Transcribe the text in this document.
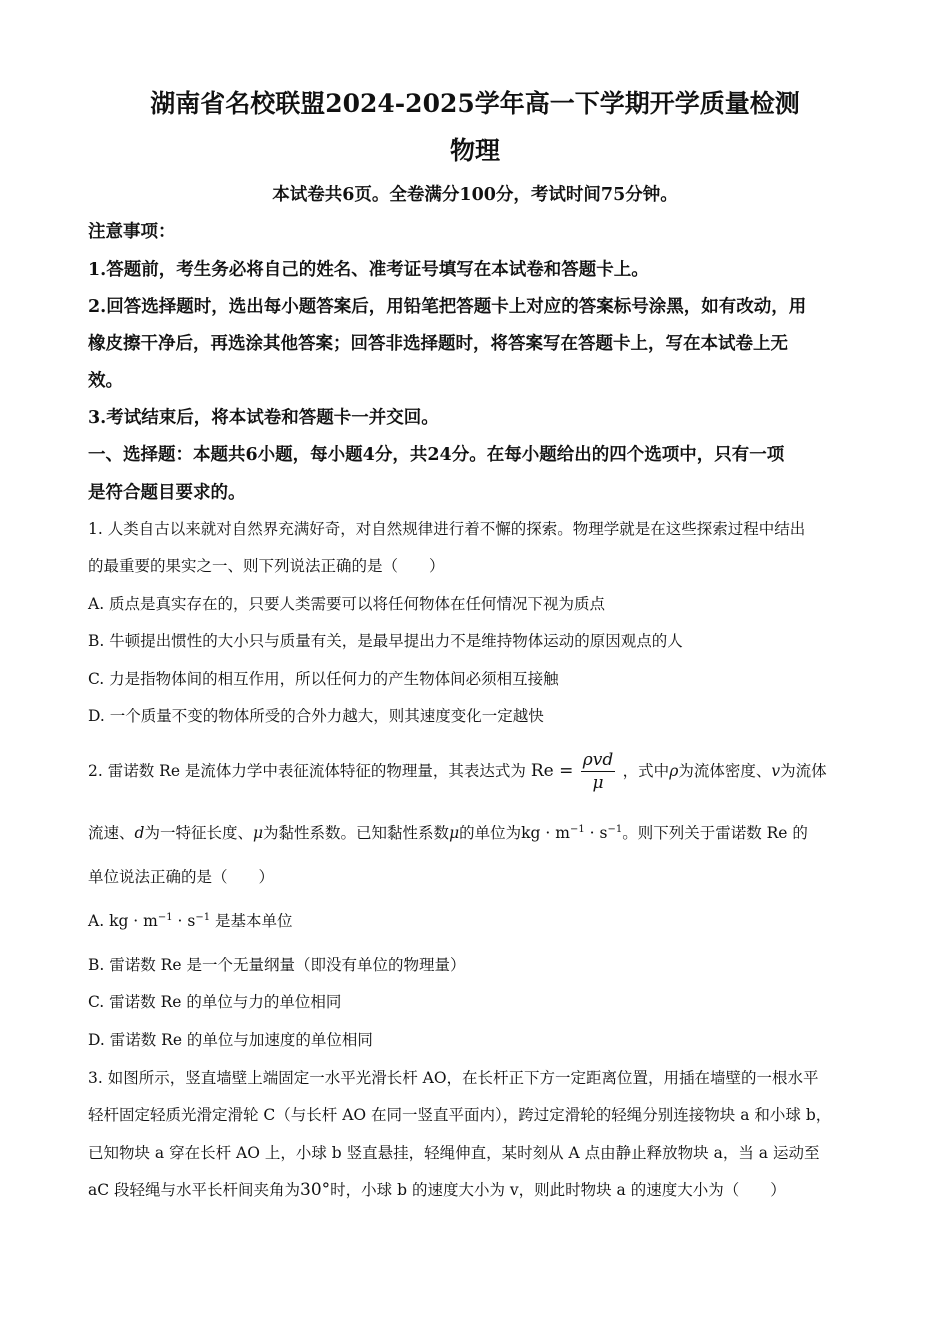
湖南省名校联盟2024-2025学年高一下学期开学质量检测
物理
本试卷共6页。全卷满分100分，考试时间75分钟。
注意事项：
1.答题前，考生务必将自己的姓名、准考证号填写在本试卷和答题卡上。
2.回答选择题时，选出每小题答案后，用铅笔把答题卡上对应的答案标号涂黑，如有改动，用
橡皮擦干净后，再选涂其他答案；回答非选择题时，将答案写在答题卡上，写在本试卷上无
效。
3.考试结束后，将本试卷和答题卡一并交回。
一、选择题：本题共6小题，每小题4分，共24分。在每小题给出的四个选项中，只有一项
是符合题目要求的。
1. 人类自古以来就对自然界充满好奇，对自然规律进行着不懈的探索。物理学就是在这些探索过程中结出
的最重要的果实之一、则下列说法正确的是（　　）
A. 质点是真实存在的，只要人类需要可以将任何物体在任何情况下视为质点
B. 牛顿提出惯性的大小只与质量有关，是最早提出力不是维持物体运动的原因观点的人
C. 力是指物体间的相互作用，所以任何力的产生物体间必须相互接触
D. 一个质量不变的物体所受的合外力越大，则其速度变化一定越快
2. 雷诺数 Re 是流体力学中表征流体特征的物理量，其表达式为 $Re = \frac{\text{ρvd}}{\mu}$ ，式中ρ为流体密度、v为流体
流速、d为一特征长度、μ为黏性系数。已知黏性系数μ的单位为kg · $m^{-1} \cdot s^{-1}$。则下列关于雷诺数 Re 的
单位说法正确的是（　　）
A. kg · $m^{-1} \cdot s^{-1}$ 是基本单位
B. 雷诺数 Re 是一个无量纲量（即没有单位的物理量）
C. 雷诺数 Re 的单位与力的单位相同
D. 雷诺数 Re 的单位与加速度的单位相同
3. 如图所示，竖直墙壁上端固定一水平光滑长杆 AO，在长杆正下方一定距离位置，用插在墙壁的一根水平
轻杆固定轻质光滑定滑轮 C（与长杆 AO 在同一竖直平面内），跨过定滑轮的轻绳分别连接物块 a 和小球 b，
已知物块 a 穿在长杆 AO 上，小球 b 竖直悬挂，轻绳伸直，某时刻从 A 点由静止释放物块 a，当 a 运动至
aC 段轻绳与水平长杆间夹角为30°时，小球 b 的速度大小为 v，则此时物块 a 的速度大小为（　　）
